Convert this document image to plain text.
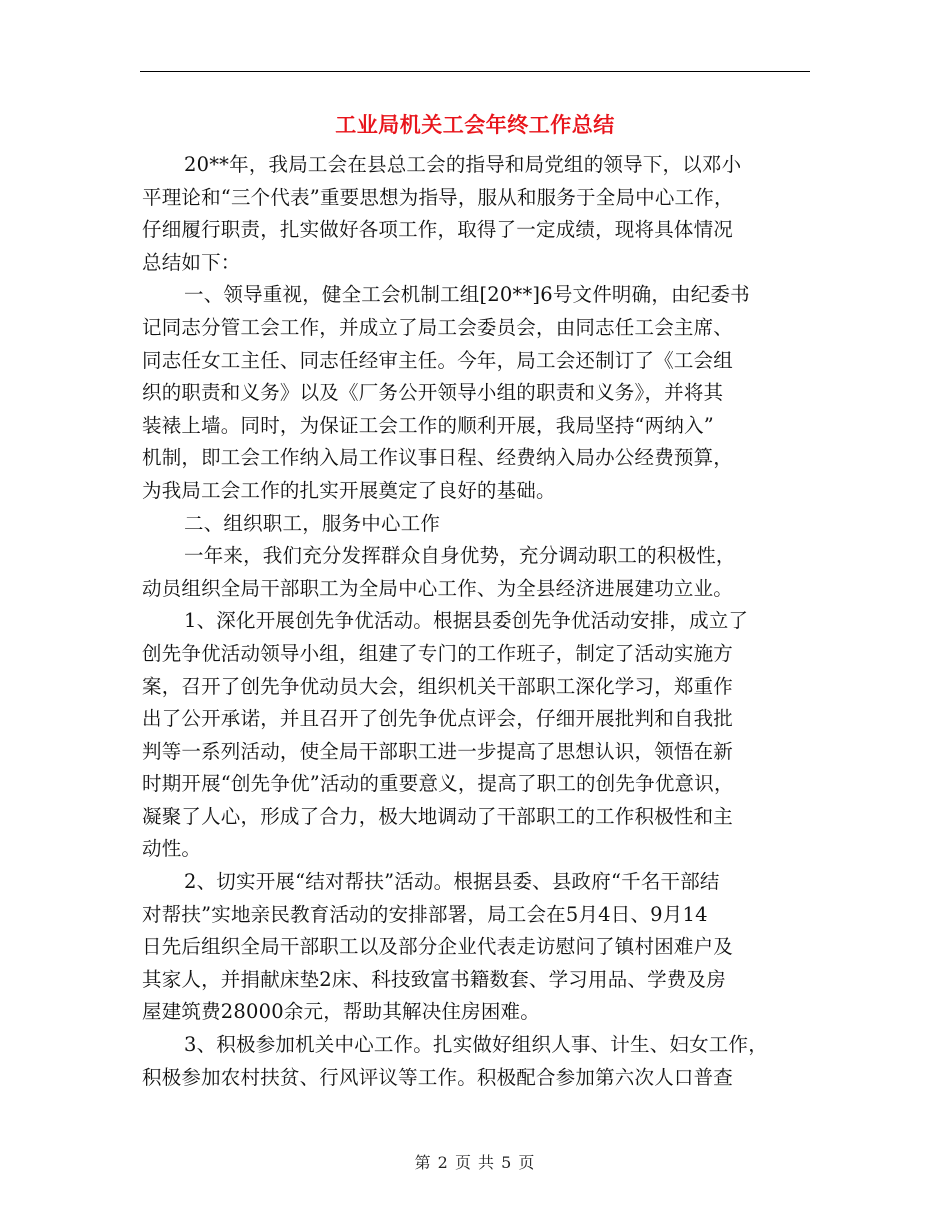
工业局机关工会年终工作总结
20**年，我局工会在县总工会的指导和局党组的领导下，以邓小
平理论和“三个代表”重要思想为指导，服从和服务于全局中心工作，
仔细履行职责，扎实做好各项工作，取得了一定成绩，现将具体情况
总结如下：
一、领导重视，健全工会机制工组[20**]6号文件明确，由纪委书
记同志分管工会工作，并成立了局工会委员会，由同志任工会主席、
同志任女工主任、同志任经审主任。今年，局工会还制订了《工会组
织的职责和义务》以及《厂务公开领导小组的职责和义务》，并将其
装裱上墙。同时，为保证工会工作的顺利开展，我局坚持“两纳入”
机制，即工会工作纳入局工作议事日程、经费纳入局办公经费预算，
为我局工会工作的扎实开展奠定了良好的基础。
二、组织职工，服务中心工作
一年来，我们充分发挥群众自身优势，充分调动职工的积极性，
动员组织全局干部职工为全局中心工作、为全县经济进展建功立业。
1、深化开展创先争优活动。根据县委创先争优活动安排，成立了
创先争优活动领导小组，组建了专门的工作班子，制定了活动实施方
案，召开了创先争优动员大会，组织机关干部职工深化学习，郑重作
出了公开承诺，并且召开了创先争优点评会，仔细开展批判和自我批
判等一系列活动，使全局干部职工进一步提高了思想认识，领悟在新
时期开展“创先争优”活动的重要意义，提高了职工的创先争优意识，
凝聚了人心，形成了合力，极大地调动了干部职工的工作积极性和主
动性。
2、切实开展“结对帮扶”活动。根据县委、县政府“千名干部结
对帮扶”实地亲民教育活动的安排部署，局工会在5月4日、9月14
日先后组织全局干部职工以及部分企业代表走访慰问了镇村困难户及
其家人，并捐献床垫2床、科技致富书籍数套、学习用品、学费及房
屋建筑费28000余元，帮助其解决住房困难。
3、积极参加机关中心工作。扎实做好组织人事、计生、妇女工作，
积极参加农村扶贫、行风评议等工作。积极配合参加第六次人口普查
第 2 页 共 5 页
